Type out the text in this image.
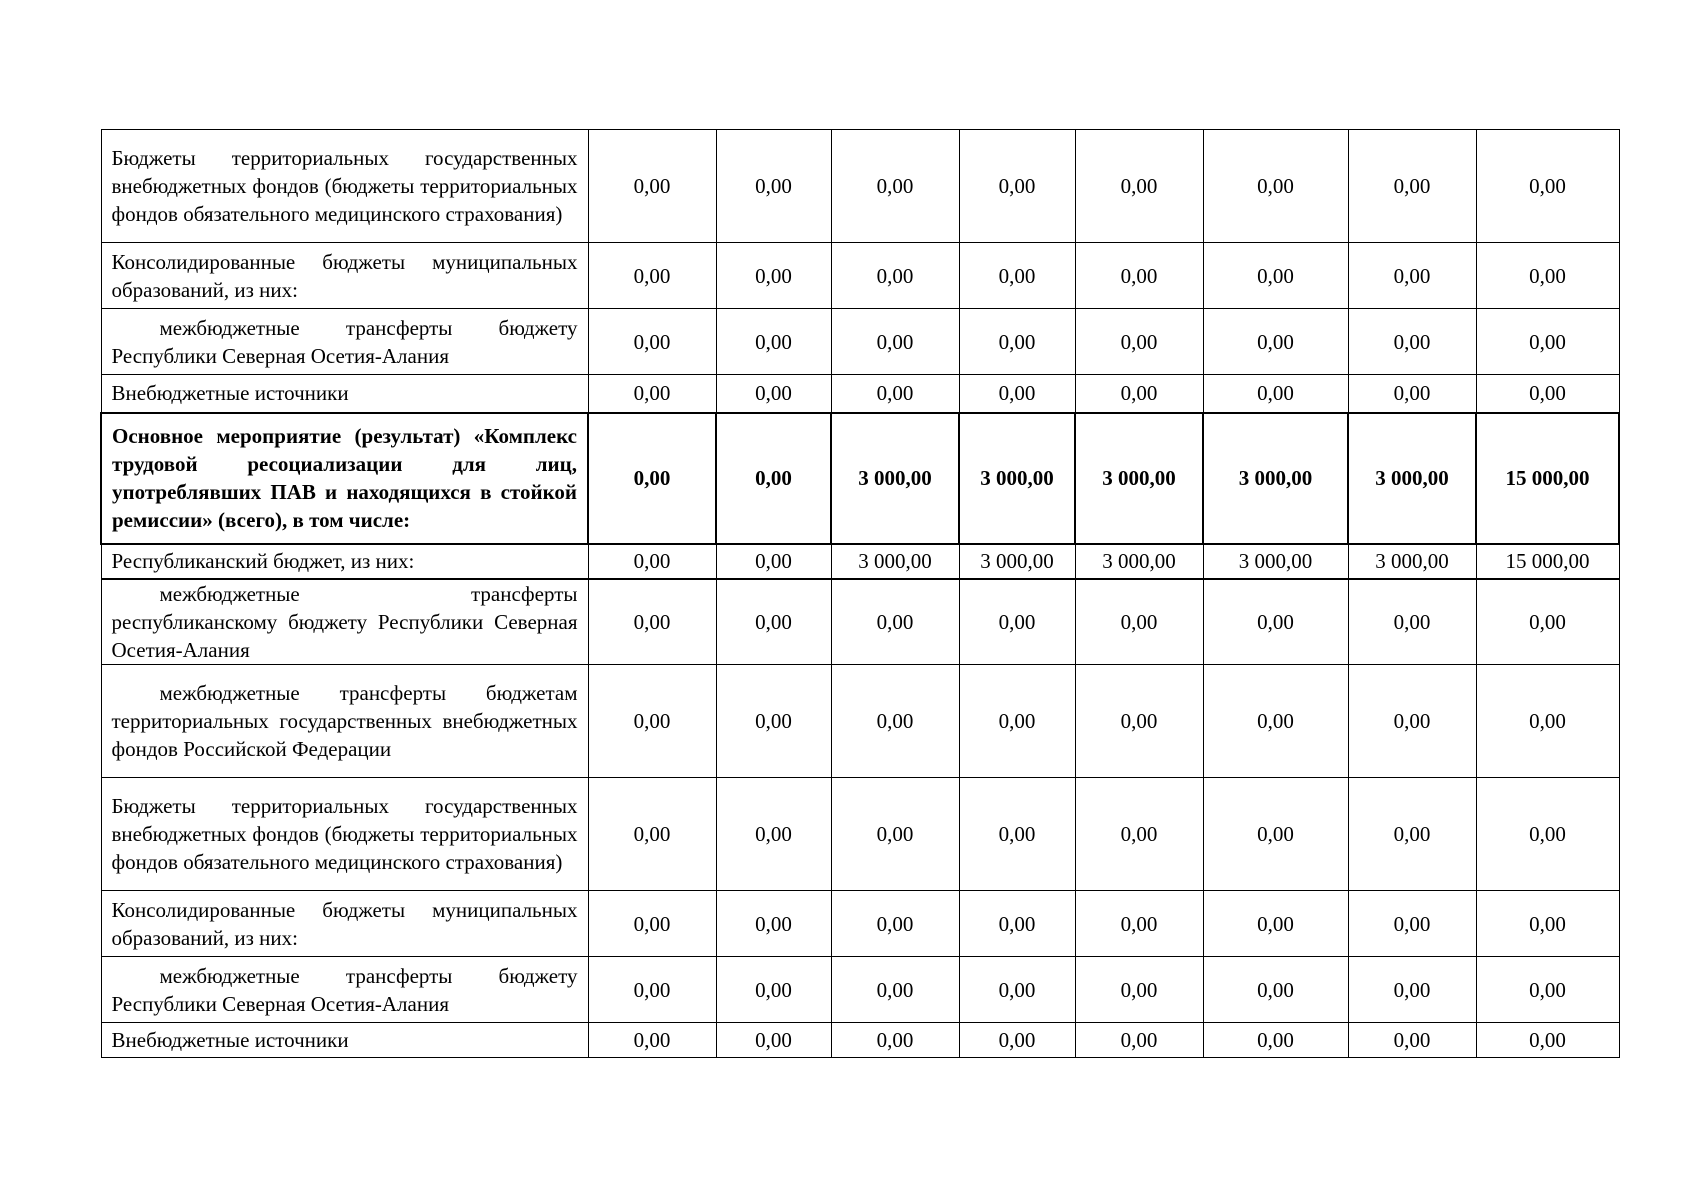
Бюджеты территориальных государственных внебюджетных фондов (бюджеты территориальных фондов обязательного медицинского страхования)	0,00	0,00	0,00	0,00	0,00	0,00	0,00	0,00
Консолидированные бюджеты муниципальных образований, из них:	0,00	0,00	0,00	0,00	0,00	0,00	0,00	0,00

межбюджетные трансферты бюджету Республики Северная Осетия-Алания	0,00	0,00	0,00	0,00	0,00	0,00	0,00	0,00
Внебюджетные источники	0,00	0,00	0,00	0,00	0,00	0,00	0,00	0,00
Основное мероприятие (результат) «Комплекс трудовой ресоциализации для лиц, употреблявших ПАВ и находящихся в стойкой ремиссии» (всего), в том числе:	0,00	0,00	3 000,00	3 000,00	3 000,00	3 000,00	3 000,00	15 000,00
Республиканский бюджет, из них:	0,00	0,00	3 000,00	3 000,00	3 000,00	3 000,00	3 000,00	15 000,00

межбюджетные трансферты республиканскому бюджету Республики Северная Осетия-Алания	0,00	0,00	0,00	0,00	0,00	0,00	0,00	0,00

межбюджетные трансферты бюджетам территориальных государственных внебюджетных фондов Российской Федерации	0,00	0,00	0,00	0,00	0,00	0,00	0,00	0,00
Бюджеты территориальных государственных внебюджетных фондов (бюджеты территориальных фондов обязательного медицинского страхования)	0,00	0,00	0,00	0,00	0,00	0,00	0,00	0,00
Консолидированные бюджеты муниципальных образований, из них:	0,00	0,00	0,00	0,00	0,00	0,00	0,00	0,00

межбюджетные трансферты бюджету Республики Северная Осетия-Алания	0,00	0,00	0,00	0,00	0,00	0,00	0,00	0,00
Внебюджетные источники	0,00	0,00	0,00	0,00	0,00	0,00	0,00	0,00
